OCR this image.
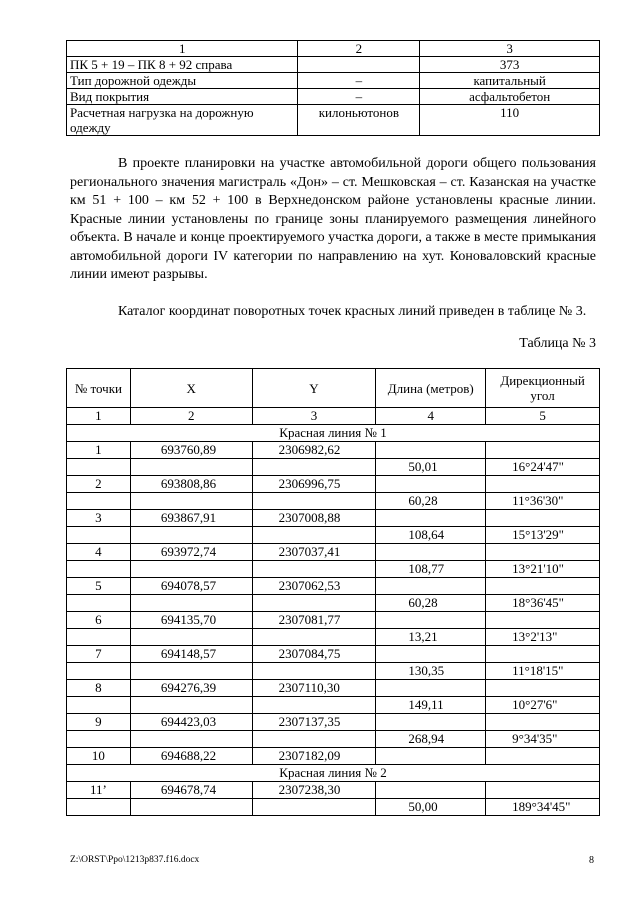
1	2	3
ПК 5 + 19 – ПК 8 + 92 справа		373
Тип дорожной одежды	–	капитальный
Вид покрытия	–	асфальтобетон
Расчетная нагрузка на дорожную одежду	килоньютонов	110
В проекте планировки на участке автомобильной дороги общего пользования регионального значения магистраль «Дон» – ст. Мешковская – ст. Казанская на участке км 51 + 100 – км 52 + 100 в Верхнедонском районе установлены красные линии. Красные линии установлены по границе зоны планируемого размещения линейного объекта. В начале и конце проектируемого участка дороги, а также в месте примыкания автомобильной дороги IV категории по направлению на хут. Коноваловский красные линии имеют разрывы.
Каталог координат поворотных точек красных линий приведен в таблице № 3.
Таблица № 3
№ точки	X	Y	Длина (метров)	Дирекционный угол
1	2	3	4	5
Красная линия № 1				
1	693760,89	2306982,62		
			50,01	16°24'47"
2	693808,86	2306996,75		
			60,28	11°36'30"
3	693867,91	2307008,88		
			108,64	15°13'29"
4	693972,74	2307037,41		
			108,77	13°21'10"
5	694078,57	2307062,53		
			60,28	18°36'45"
6	694135,70	2307081,77		
			13,21	13°2'13"
7	694148,57	2307084,75		
			130,35	11°18'15"
8	694276,39	2307110,30		
			149,11	10°27'6"
9	694423,03	2307137,35		
			268,94	9°34'35"
10	694688,22	2307182,09		
Красная линия № 2				
11’	694678,74	2307238,30		
			50,00	189°34'45"
Z:\ORST\Ppo\1213p837.f16.docx	8
